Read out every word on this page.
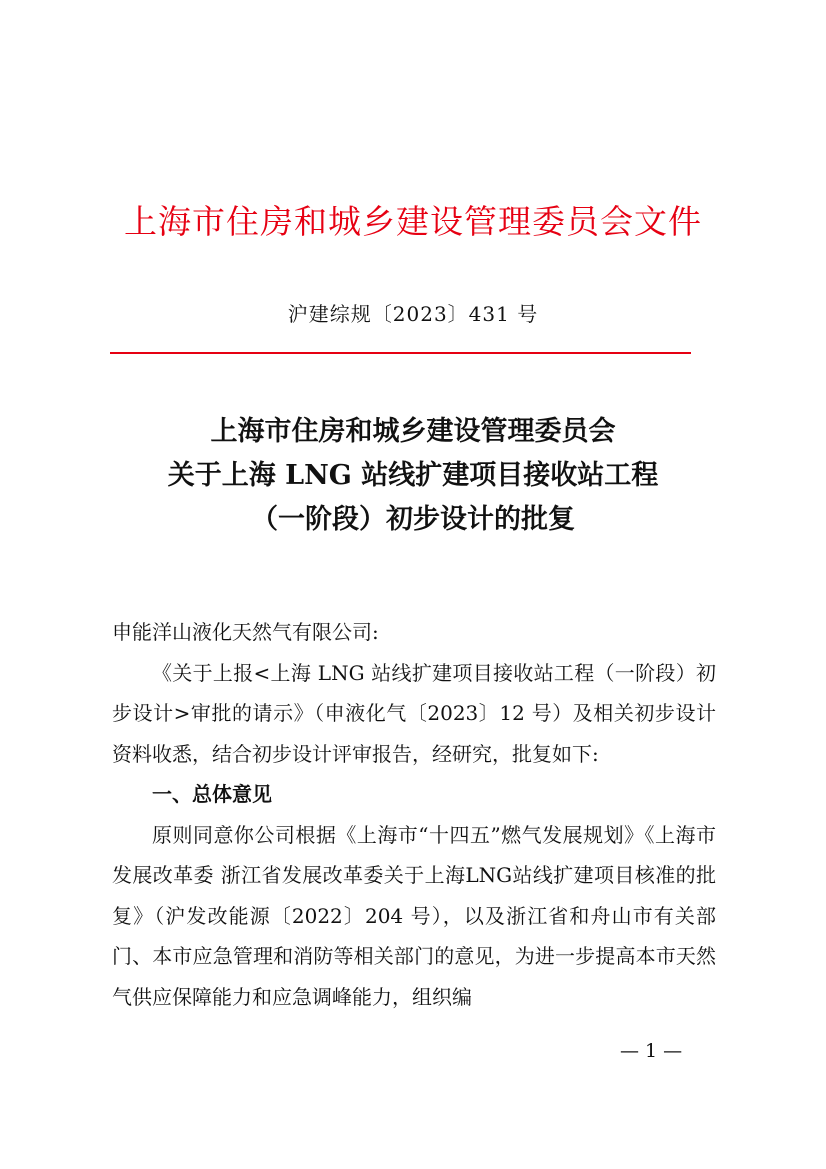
上海市住房和城乡建设管理委员会文件
沪建综规〔2023〕431 号
上海市住房和城乡建设管理委员会
关于上海 LNG 站线扩建项目接收站工程
（一阶段）初步设计的批复

申能洋山液化天然气有限公司:

《关于上报<上海 LNG 站线扩建项目接收站工程（一阶段）初步设计>审批的请示》（申液化气〔2023〕12 号）及相关初步设计资料收悉，结合初步设计评审报告，经研究，批复如下:

一、总体意见

原则同意你公司根据《上海市“十四五”燃气发展规划》《上海市发展改革委 浙江省发展改革委关于上海LNG站线扩建项目核准的批复》（沪发改能源〔2022〕204 号），以及浙江省和舟山市有关部门、本市应急管理和消防等相关部门的意见，为进一步提高本市天然气供应保障能力和应急调峰能力，组织编

— 1 —
